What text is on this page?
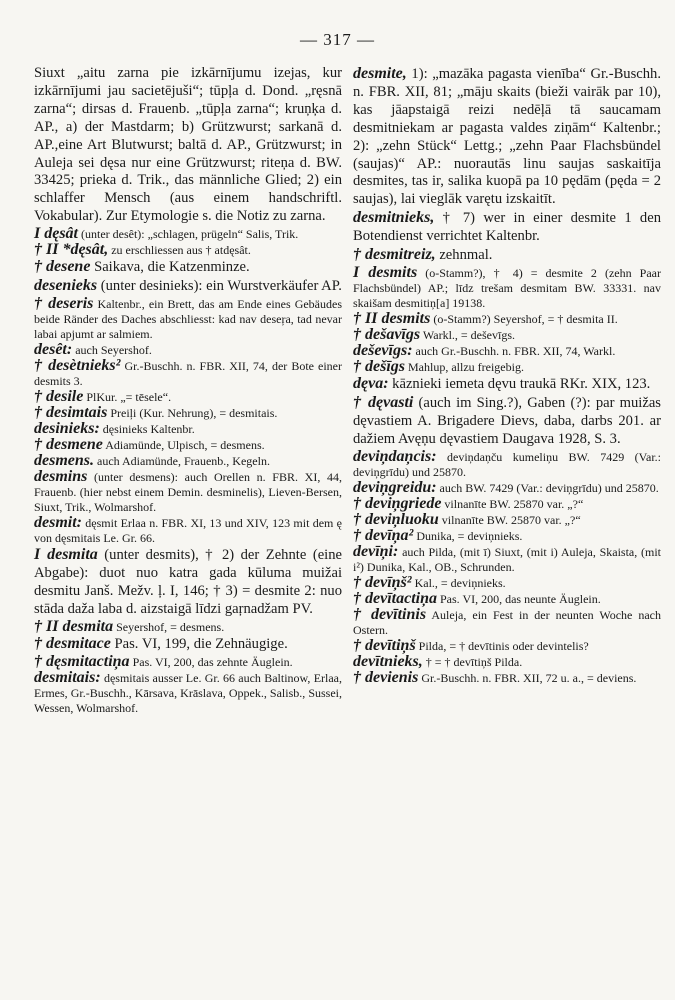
— 317 —
Siuxt „aitu zarna pie izkārnījumu izejas, kur izkārnījumi jau sacietējuši“; tūpļa d. Dond. „ręsnā zarna“; dirsas d. Frauenb. „tūpļa zarna“; kruņķa d. AP., a) der Mastdarm; b) Grützwurst; sarkanā d. AP.,eine Art Blutwurst; baltā d. AP., Grützwurst; in Auleja sei dęsa nur eine Grützwurst; riteņa d. BW. 33425; prieka d. Trik., das männliche Glied; 2) ein schlaffer Mensch (aus einem handschriftl. Vokabular). Zur Etymologie s. die Notiz zu zarna.
I dęsât (unter desêt): „schlagen, prügeln“ Salis, Trik.
† II *dęsât, zu erschliessen aus † atdęsât.
† desene Saikava, die Katzenminze.
desenieks (unter desinieks): ein Wurstverkäufer AP.
† deseris Kaltenbr., ein Brett, das am Ende eines Gebäudes beide Ränder des Daches abschliesst: kad nav deseŗa, tad nevar labai apjumt ar salmiem.
desêt: auch Seyershof.
† desètnieks² Gr.-Buschh. n. FBR. XII, 74, der Bote einer desmits 3.
† desile PlKur. „= tēsele“.
† desimtais Preiļi (Kur. Nehrung), = desmitais.
desinieks: dęsinieks Kaltenbr.
† desmene Adiamünde, Ulpisch, = desmens.
desmens. auch Adiamünde, Frauenb., Kegeln.
desmins (unter desmens): auch Orellen n. FBR. XI, 44, Frauenb. (hier nebst einem Demin. desminelis), Lieven-Bersen, Siuxt, Trik., Wolmarshof.
desmit: dęsmit Erlaa n. FBR. XI, 13 und XIV, 123 mit dem ę von dęsmitais Le. Gr. 66.
I desmita (unter desmits), † 2) der Zehnte (eine Abgabe): duot nuo katra gada kūluma muižai desmitu Janš. Mežv. ļ. I, 146; † 3) = desmite 2: nuo stāda daža laba d. aizstaigā līdzi gaŗnadžam PV.
† II desmita Seyershof, = desmens.
† desmitace Pas. VI, 199, die Zehnäugige.
† dęsmitactiņa Pas. VI, 200, das zehnte Äuglein.
desmitais: dęsmitais ausser Le. Gr. 66 auch Baltinow, Erlaa, Ermes, Gr.-Buschh., Kārsava, Krāslava, Oppek., Salisb., Sussei, Wessen, Wolmarshof.
desmite, 1): „mazāka pagasta vienība“ Gr.-Buschh. n. FBR. XII, 81; „māju skaits (bieži vairāk par 10), kas jāapstaigā reizi nedēļā tā saucamam desmitniekam ar pagasta valdes ziņām“ Kaltenbr.; 2): „zehn Stück“ Lettg.; „zehn Paar Flachsbündel (saujas)“ AP.: nuorautās linu saujas saskaitīja desmites, tas ir, salika kuopā pa 10 pędām (pęda = 2 saujas), lai vieglāk varętu izskaitīt.
desmitnieks, † 7) wer in einer desmite 1 den Botendienst verrichtet Kaltenbr.
† desmitreiz, zehnmal.
I desmits (o-Stamm?), † 4) = desmite 2 (zehn Paar Flachsbündel) AP.; līdz trešam desmitam BW. 33331. nav skaišam desmitiņ[a] 19138.
† II desmits (o-Stamm?) Seyershof, = † desmita II.
† dešavīgs Warkl., = deševīgs.
deševīgs: auch Gr.-Buschh. n. FBR. XII, 74, Warkl.
† dešīgs Mahlup, allzu freigebig.
dęva: kāznieki iemeta dęvu traukā RKr. XIX, 123.
† dęvasti (auch im Sing.?), Gaben (?): par muižas dęvastiem A. Brigadere Dievs, daba, darbs 201. ar dažiem Avęņu dęvastiem Daugava 1928, S. 3.
deviņdaņcis: deviņdaņču kumeliņu BW. 7429 (Var.: deviņgrīdu) und 25870.
deviņgreidu: auch BW. 7429 (Var.: deviņgrīdu) und 25870.
† deviņgriede vilnanīte BW. 25870 var. „?“
† deviņluoku vilnanīte BW. 25870 var. „?“
† devīņa² Dunika, = deviņnieks.
devīņi: auch Pilda, (mit ī) Siuxt, (mit i) Auleja, Skaista, (mit i²) Dunika, Kal., OB., Schrunden.
† devīņš² Kal., = deviņnieks.
† devītactiņa Pas. VI, 200, das neunte Äuglein.
† devītinis Auleja, ein Fest in der neunten Woche nach Ostern.
† devītiņš Pilda, = † devītinis oder devintelis?
devītnieks, † = † devītiņš Pilda.
† devienis Gr.-Buschh. n. FBR. XII, 72 u. a., = deviens.
